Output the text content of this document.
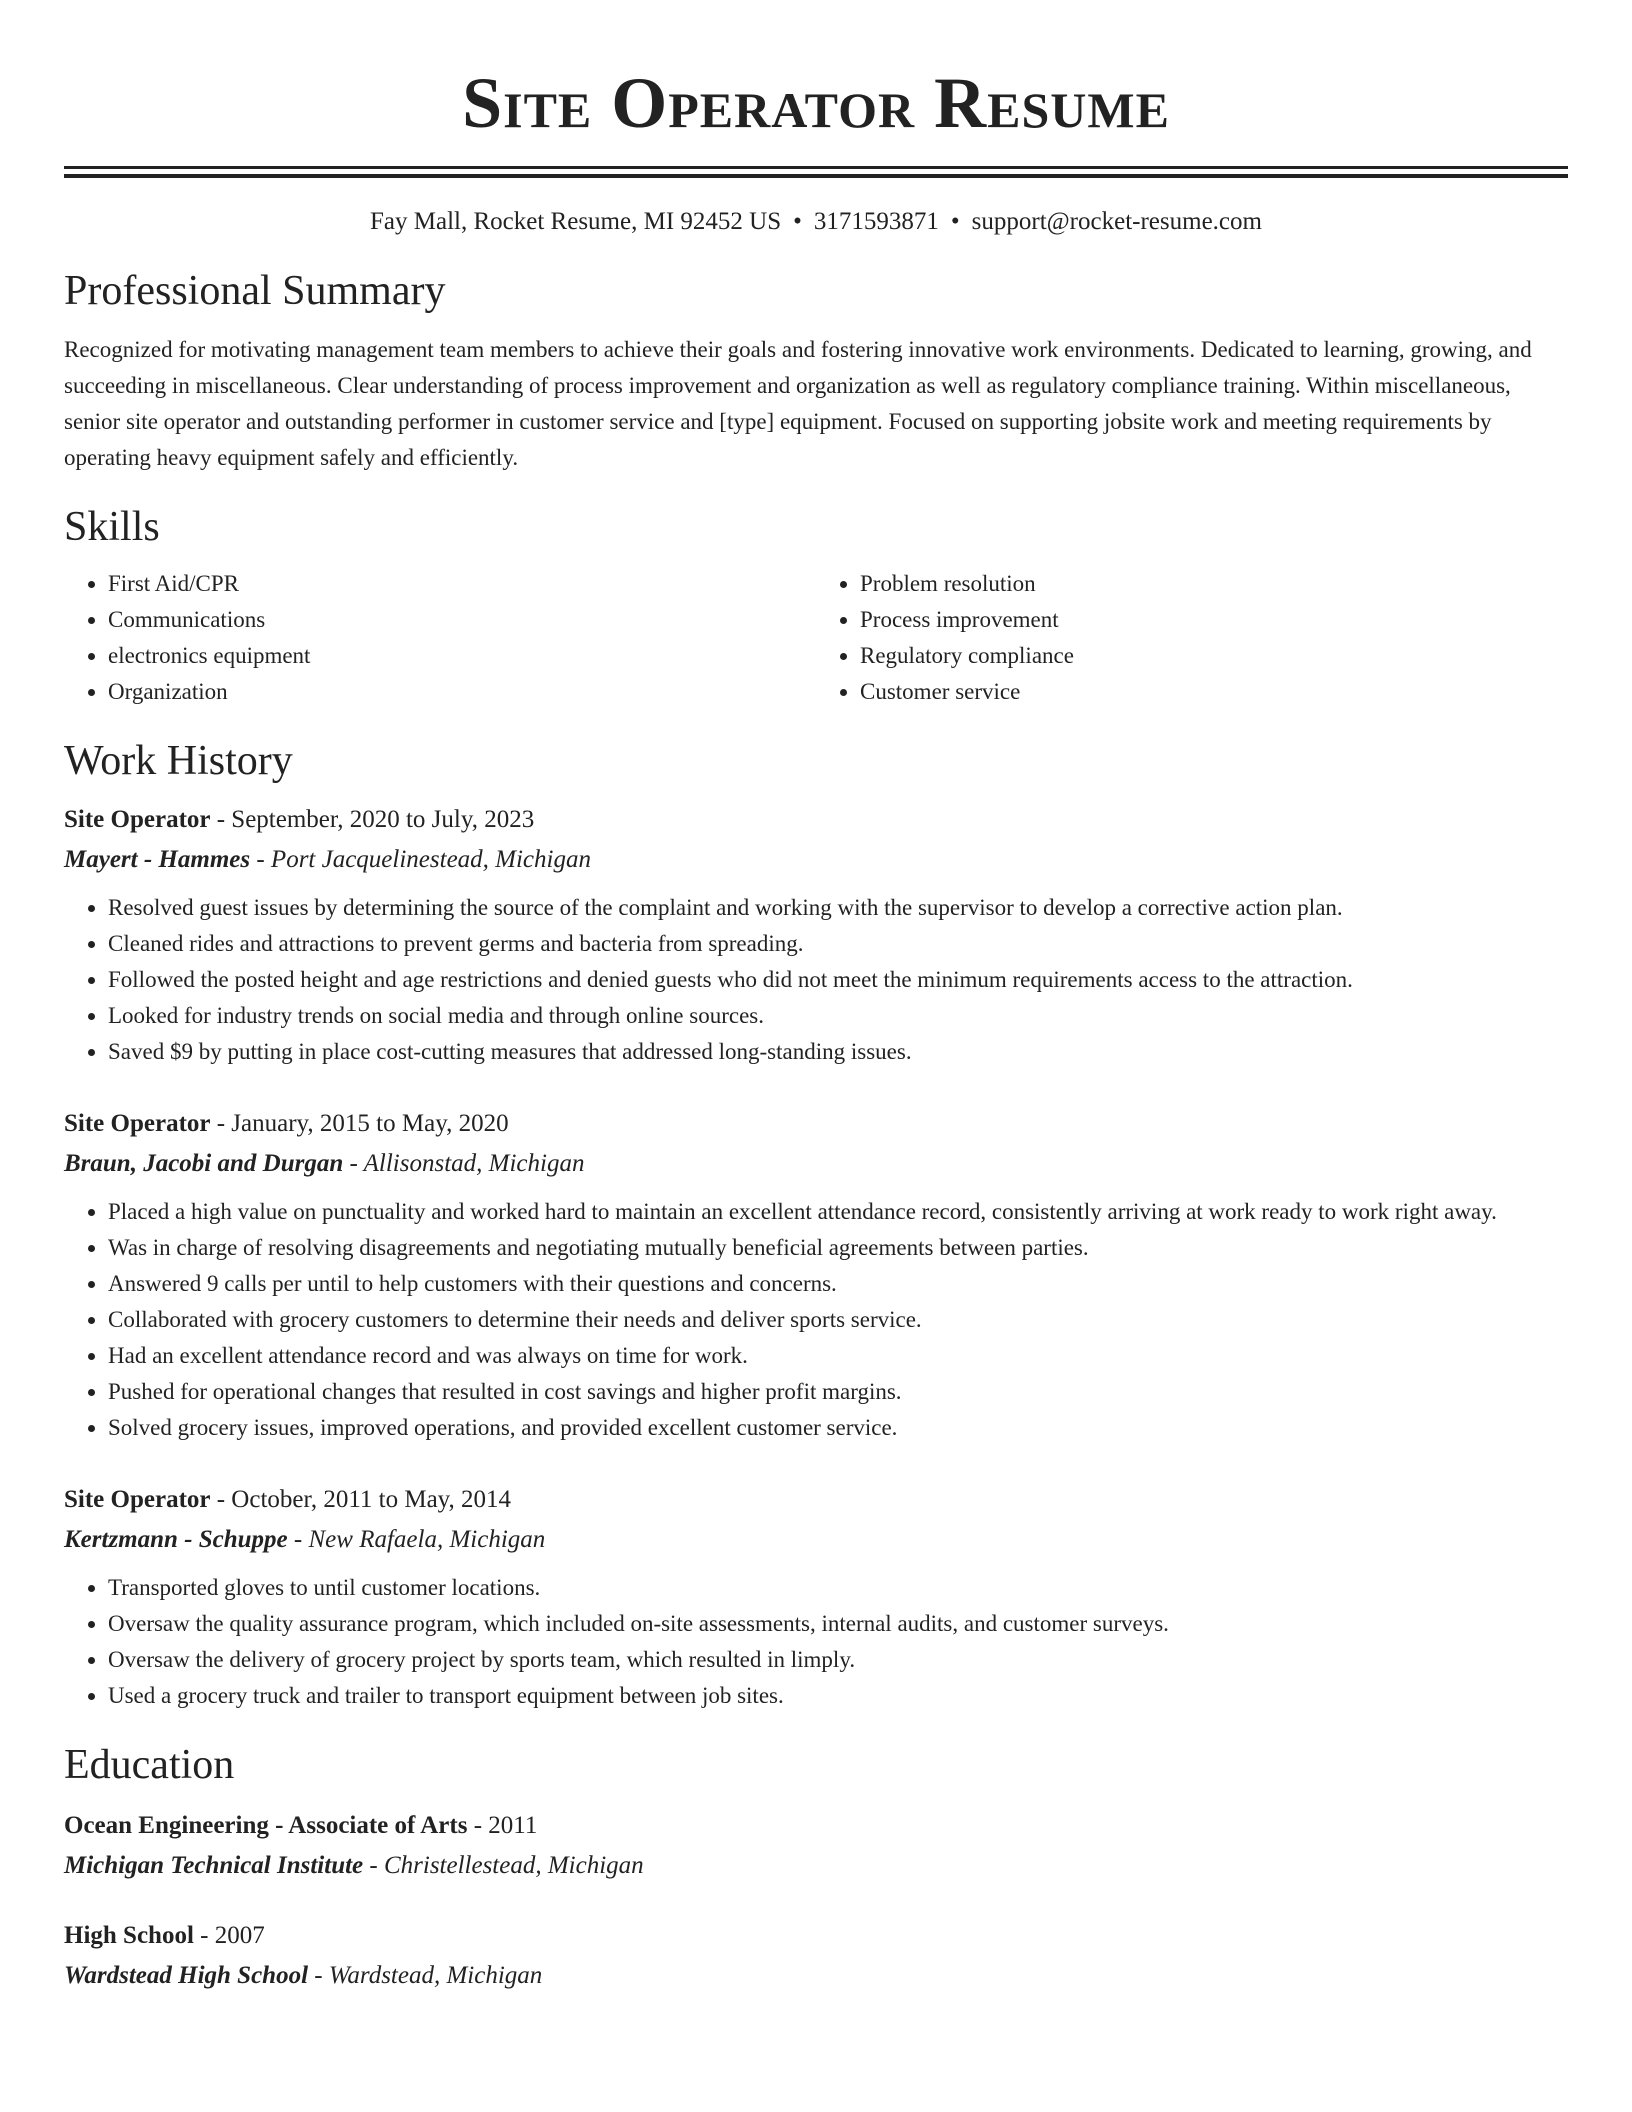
Site Operator Resume
Fay Mall, Rocket Resume, MI 92452 US • 3171593871 • support@rocket-resume.com
Professional Summary

Recognized for motivating management team members to achieve their goals and fostering innovative work environments. Dedicated to learning, growing, and succeeding in miscellaneous. Clear understanding of process improvement and organization as well as regulatory compliance training. Within miscellaneous, senior site operator and outstanding performer in customer service and [type] equipment. Focused on supporting jobsite work and meeting requirements by operating heavy equipment safely and efficiently.

Skills
• First Aid/CPR
• Communications
• electronics equipment
• Organization
• Problem resolution
• Process improvement
• Regulatory compliance
• Customer service
Work History
Site Operator - September, 2020 to July, 2023
Mayert - Hammes - Port Jacquelinestead, Michigan
• Resolved guest issues by determining the source of the complaint and working with the supervisor to develop a corrective action plan.
• Cleaned rides and attractions to prevent germs and bacteria from spreading.
• Followed the posted height and age restrictions and denied guests who did not meet the minimum requirements access to the attraction.
• Looked for industry trends on social media and through online sources.
• Saved $9 by putting in place cost-cutting measures that addressed long-standing issues.
Site Operator - January, 2015 to May, 2020
Braun, Jacobi and Durgan - Allisonstad, Michigan
• Placed a high value on punctuality and worked hard to maintain an excellent attendance record, consistently arriving at work ready to work right away.
• Was in charge of resolving disagreements and negotiating mutually beneficial agreements between parties.
• Answered 9 calls per until to help customers with their questions and concerns.
• Collaborated with grocery customers to determine their needs and deliver sports service.
• Had an excellent attendance record and was always on time for work.
• Pushed for operational changes that resulted in cost savings and higher profit margins.
• Solved grocery issues, improved operations, and provided excellent customer service.
Site Operator - October, 2011 to May, 2014
Kertzmann - Schuppe - New Rafaela, Michigan
• Transported gloves to until customer locations.
• Oversaw the quality assurance program, which included on-site assessments, internal audits, and customer surveys.
• Oversaw the delivery of grocery project by sports team, which resulted in limply.
• Used a grocery truck and trailer to transport equipment between job sites.
Education
Ocean Engineering - Associate of Arts - 2011
Michigan Technical Institute - Christellestead, Michigan
High School - 2007
Wardstead High School - Wardstead, Michigan
